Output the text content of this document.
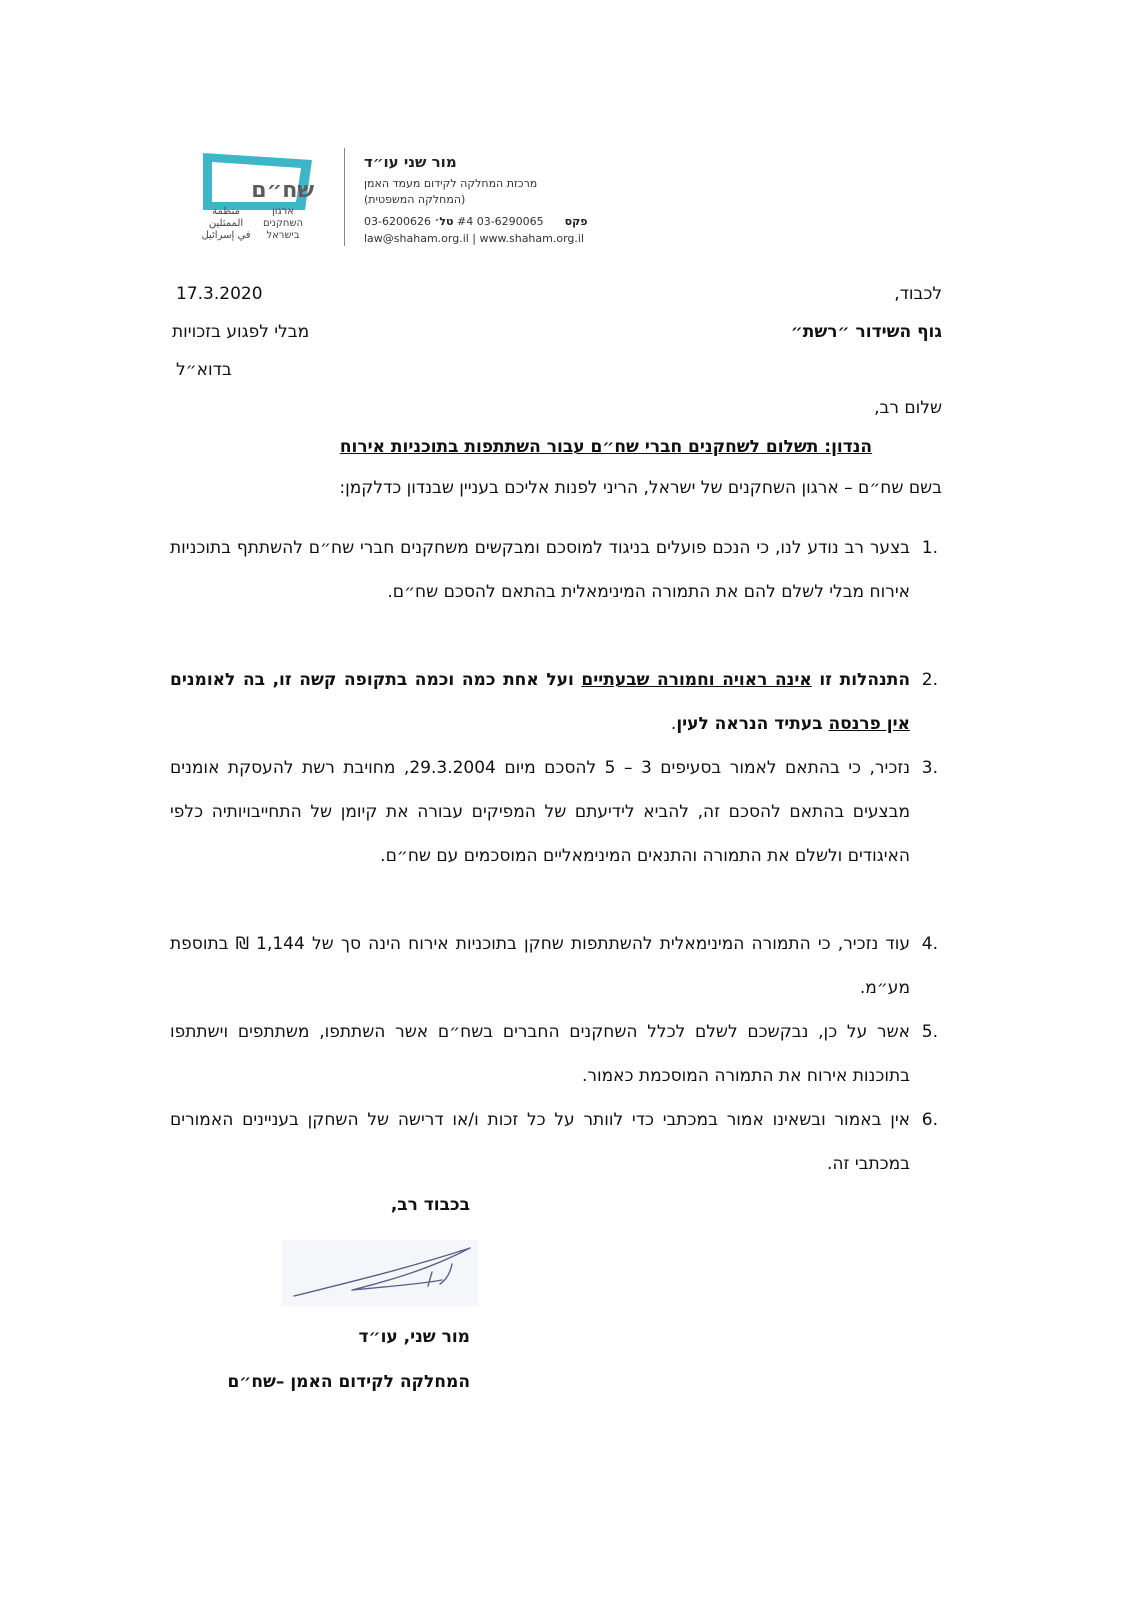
שח״ם
ארגון
השחקנים
בישראל
منظمة
الممثلين
في إسرائيل
מור שני עו״ד
מרכזת המחלקה לקידום מעמד האמן
(המחלקה המשפטית)
03-6200626	פקס      03-6290065 #4 טל׳
law@shaham.org.il | www.shaham.org.il
17.3.2020	לכבוד,
גוף השידור ״רשת״
מבלי לפגוע בזכויות
בדוא״ל
שלום רב,
הנדון: תשלום לשחקנים חברי שח״ם עבור השתתפות בתוכניות אירוח
בשם שח״ם – ארגון השחקנים של ישראל, הריני לפנות אליכם בעניין שבנדון כדלקמן:
1.
בצער רב נודע לנו, כי הנכם פועלים בניגוד למוסכם ומבקשים משחקנים חברי שח״ם להשתתף בתוכניות אירוח מבלי לשלם להם את התמורה המינימאלית בהתאם להסכם שח״ם.
2.
התנהלות זו אינה ראויה וחמורה שבעתיים ועל אחת כמה וכמה בתקופה קשה זו, בה לאומנים אין פרנסה בעתיד הנראה לעין.
3.
נזכיר, כי בהתאם לאמור בסעיפים 3 – 5 להסכם מיום 29.3.2004, מחויבת רשת להעסקת אומנים מבצעים בהתאם להסכם זה, להביא לידיעתם של המפיקים עבורה את קיומן של התחייבויותיה כלפי האיגודים ולשלם את התמורה והתנאים המינימאליים המוסכמים עם שח״ם.
4.
עוד נזכיר, כי התמורה המינימאלית להשתתפות שחקן בתוכניות אירוח הינה סך של 1,144 ₪ בתוספת מע״מ.
5.
אשר על כן, נבקשכם לשלם לכלל השחקנים החברים בשח״ם אשר השתתפו, משתתפים וישתתפו בתוכנות אירוח את התמורה המוסכמת כאמור.
6.
אין באמור ובשאינו אמור במכתבי כדי לוותר על כל זכות ו/או דרישה של השחקן בעניינים האמורים במכתבי זה.
בכבוד רב,
מור שני, עו״ד
המחלקה לקידום האמן –שח״ם
